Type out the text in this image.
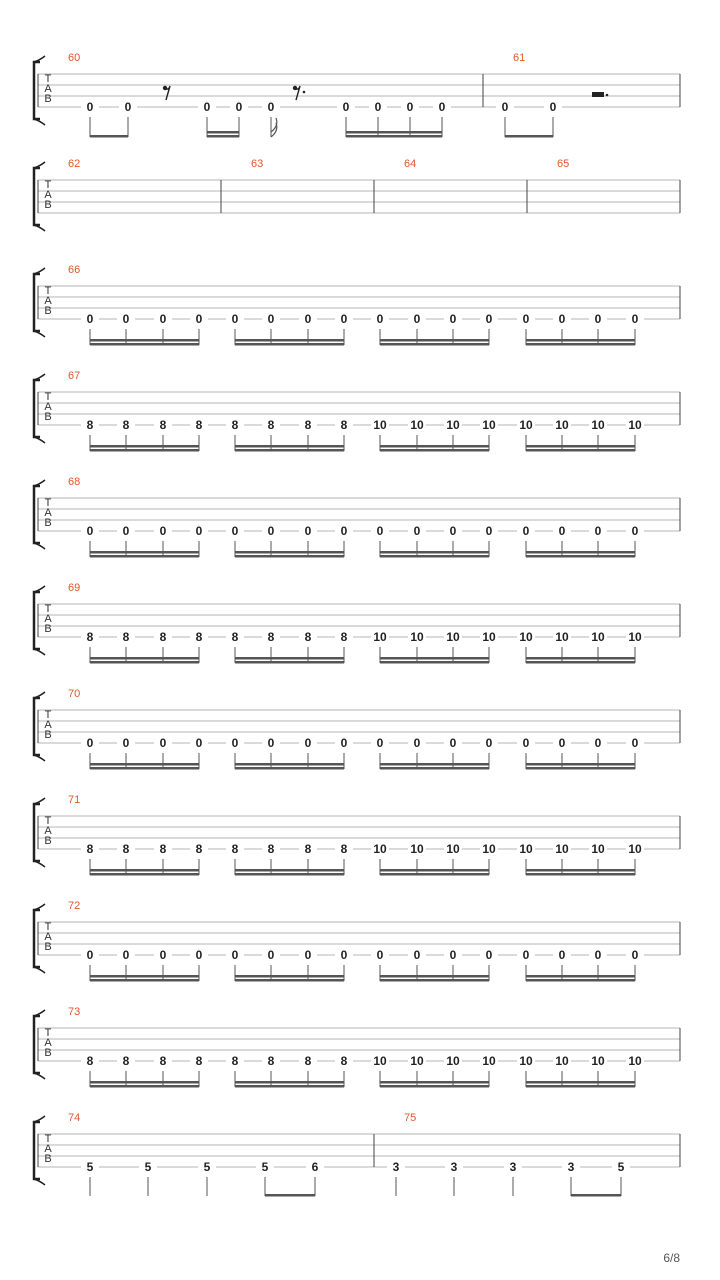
T
A
B
60	61
0	0	0 0 0	0 0 0 0	0	0
T
A
B
62	63	64	65
T
A
B
66
0 0	0 0 0 0	0 0 0	0 0 0	0 0 0	0
T
A
B
67
8 8	8 8 8 8	8 8 10 10 10 10 10 10 10 10
T
A
B
68
0 0	0 0 0 0	0 0 0	0 0 0	0 0 0	0
T
A
B
69
8 8	8 8 8 8	8 8 10 10 10 10 10 10 10 10
T
A
B
70
0 0	0 0 0 0	0 0 0	0 0 0	0 0 0	0
T
A
B
71
8 8	8 8 8 8	8 8 10 10 10 10 10 10 10 10
T
A
B
72
0 0	0 0 0 0	0 0 0	0 0 0	0 0 0	0
T
A
B
73
8 8	8 8 8 8	8 8 10 10 10 10 10 10 10 10
T
A
B
74	75
5	5	5	5	6	3	3	3	3	5
6/8
